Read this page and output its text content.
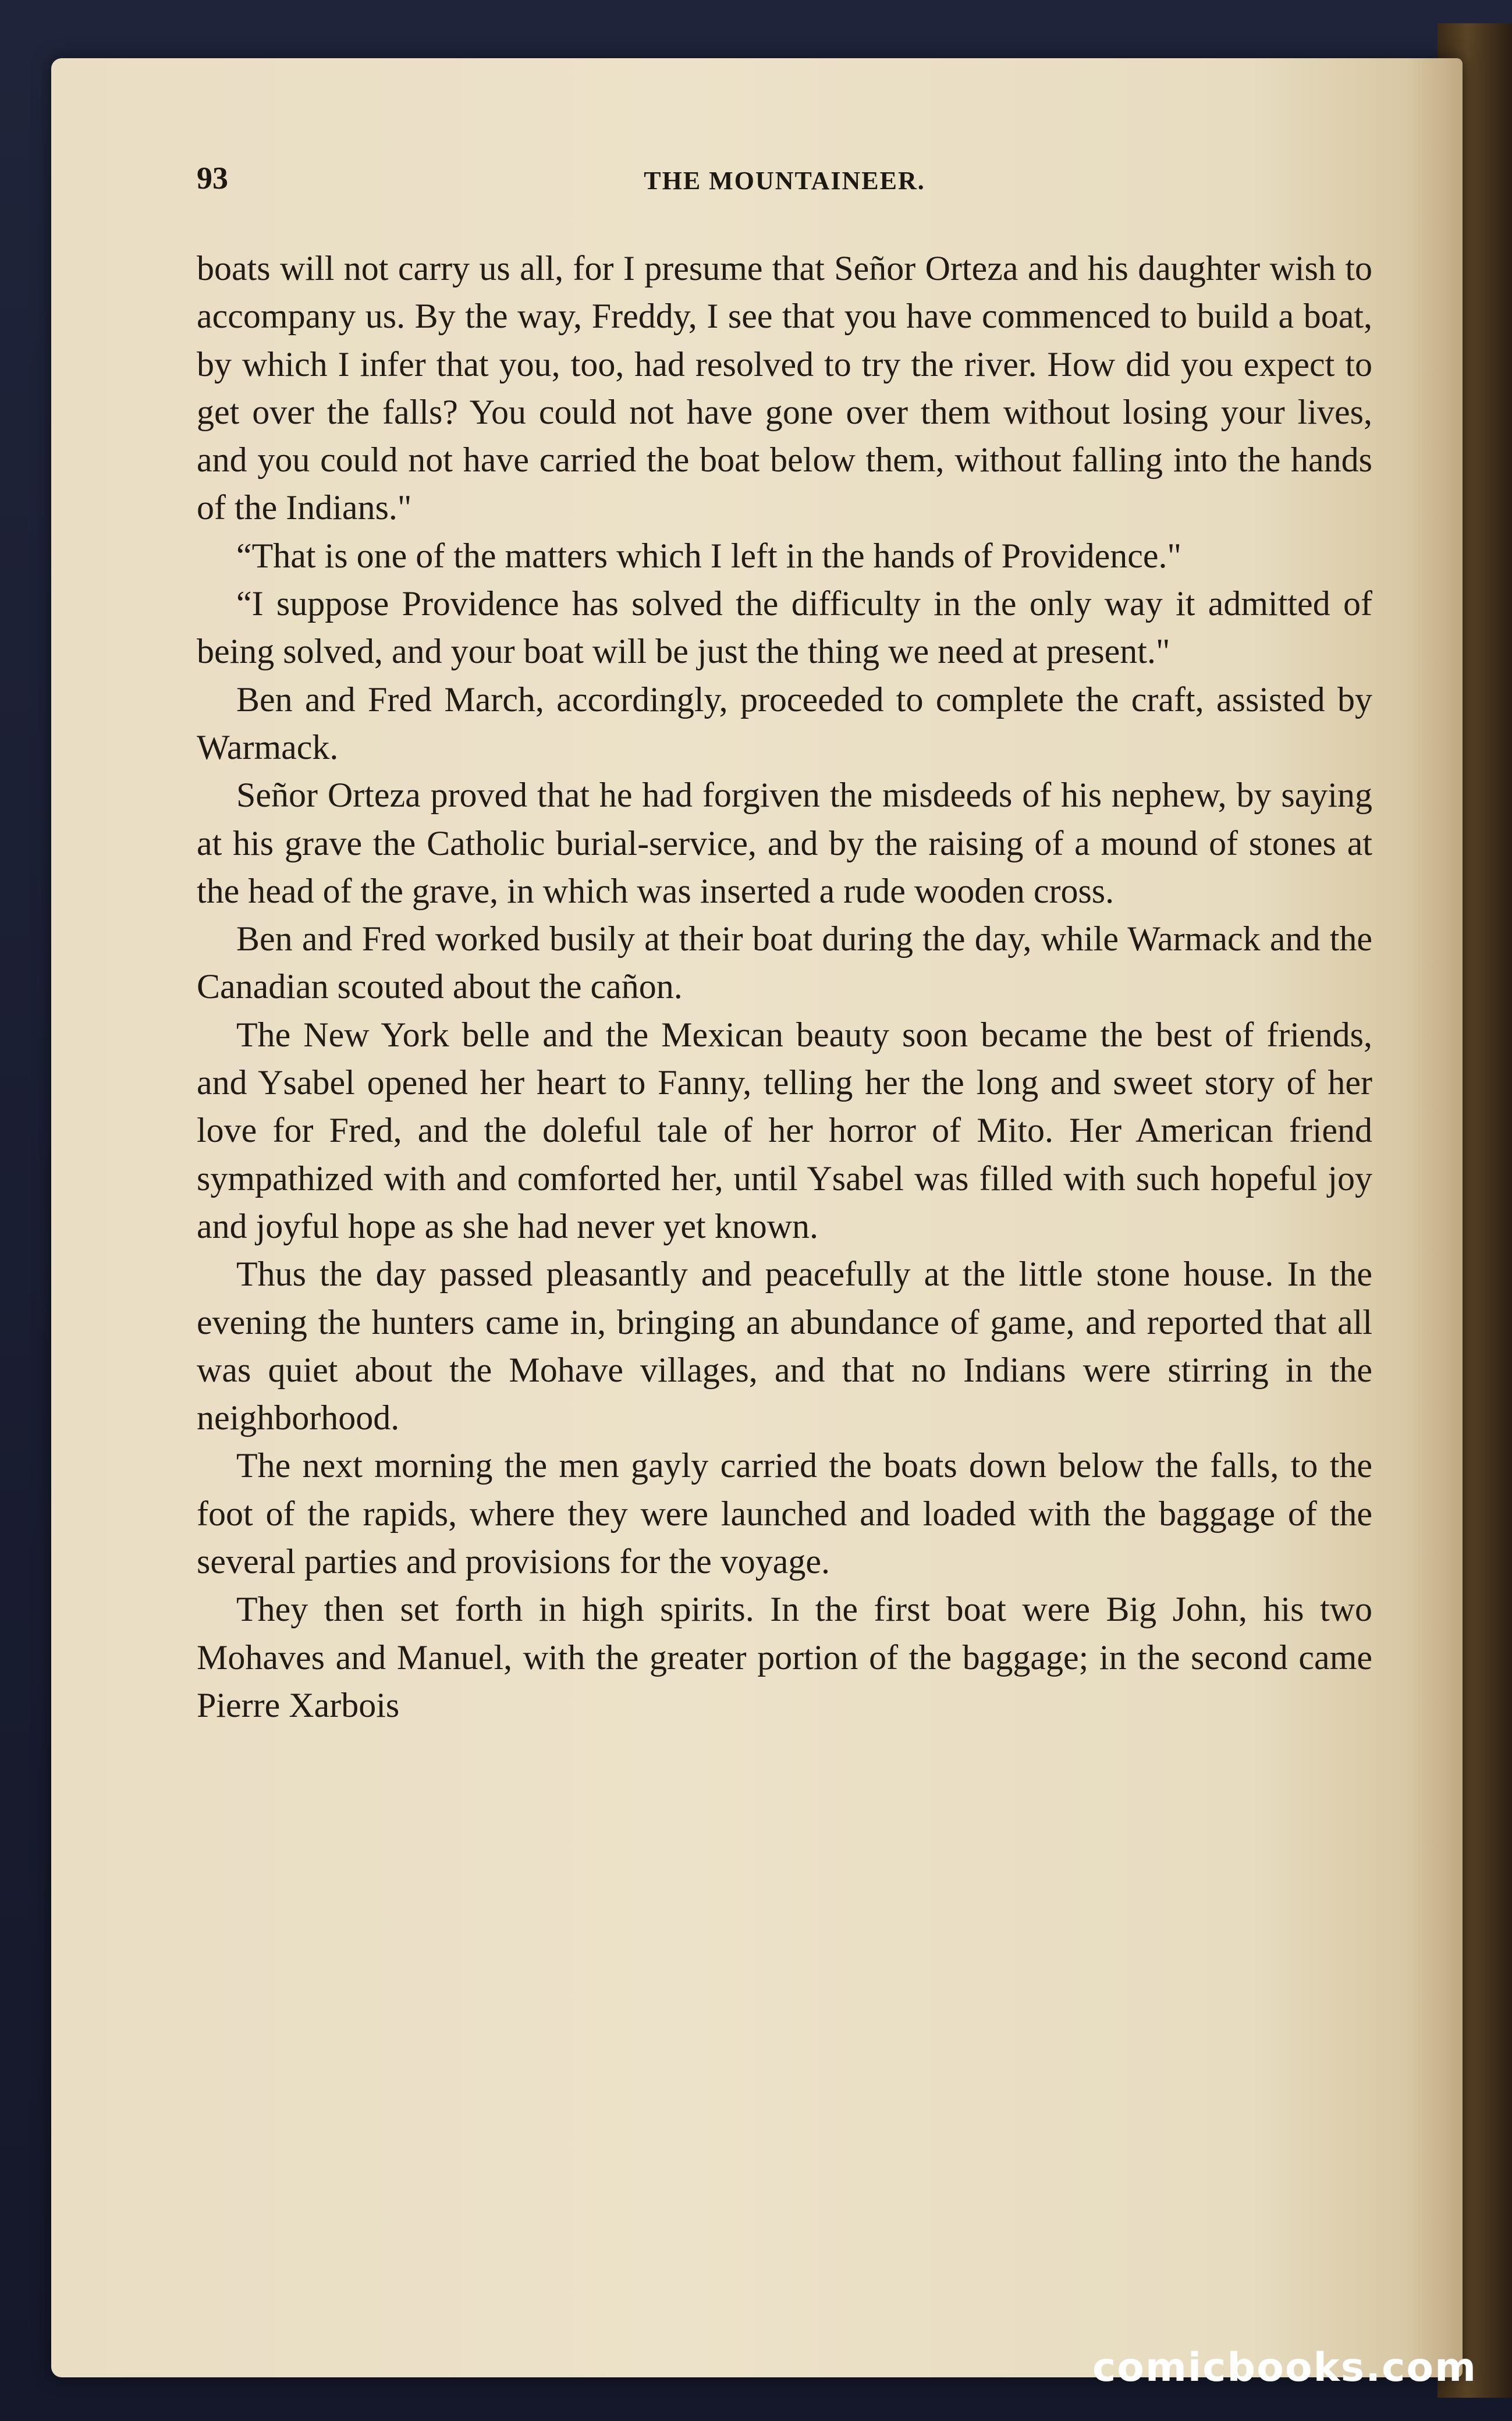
93	THE MOUNTAINEER.

boats will not carry us all, for I presume that Señor Orteza and his daughter wish to accompany us. By the way, Freddy, I see that you have commenced to build a boat, by which I infer that you, too, had resolved to try the river. How did you expect to get over the falls? You could not have gone over them without losing your lives, and you could not have carried the boat below them, without falling into the hands of the Indians."

“That is one of the matters which I left in the hands of Providence."

“I suppose Providence has solved the difficulty in the only way it admitted of being solved, and your boat will be just the thing we need at present."

Ben and Fred March, accordingly, proceeded to complete the craft, assisted by Warmack.

Señor Orteza proved that he had forgiven the misdeeds of his nephew, by saying at his grave the Catholic burial-service, and by the raising of a mound of stones at the head of the grave, in which was inserted a rude wooden cross.

Ben and Fred worked busily at their boat during the day, while Warmack and the Canadian scouted about the cañon.

The New York belle and the Mexican beauty soon became the best of friends, and Ysabel opened her heart to Fanny, telling her the long and sweet story of her love for Fred, and the doleful tale of her horror of Mito. Her American friend sympathized with and comforted her, until Ysabel was filled with such hopeful joy and joyful hope as she had never yet known.

Thus the day passed pleasantly and peacefully at the little stone house. In the evening the hunters came in, bringing an abundance of game, and reported that all was quiet about the Mohave villages, and that no Indians were stirring in the neighborhood.

The next morning the men gayly carried the boats down below the falls, to the foot of the rapids, where they were launched and loaded with the baggage of the several parties and provisions for the voyage.

They then set forth in high spirits. In the first boat were Big John, his two Mohaves and Manuel, with the greater portion of the baggage; in the second came Pierre Xarbois

comicbooks.com
